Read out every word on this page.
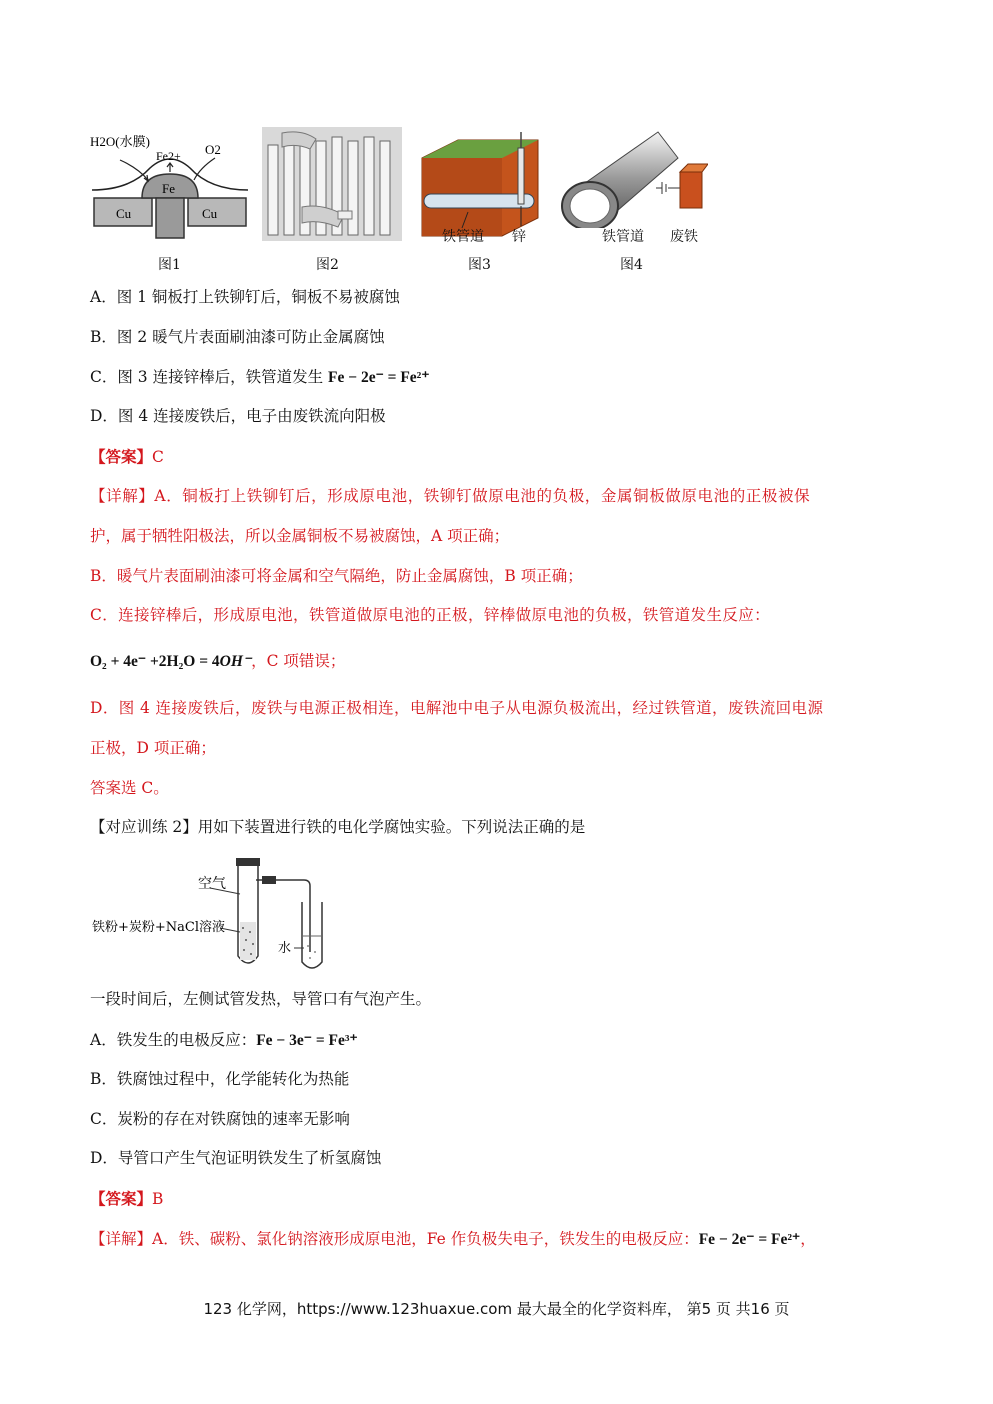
H2O(水膜)
O2
Fe2+
Fe
Cu	Cu
图1	图2
铁管道 锌
图3
铁管道 废铁
图4
A．图 1 铜板打上铁铆钉后，铜板不易被腐蚀
B．图 2 暖气片表面刷油漆可防止金属腐蚀
C．图 3 连接锌棒后，铁管道发生 Fe − 2e⁻ = Fe²⁺
D．图 4 连接废铁后，电子由废铁流向阳极
【答案】C
【详解】A．铜板打上铁铆钉后，形成原电池，铁铆钉做原电池的负极，金属铜板做原电池的正极被保
护，属于牺牲阳极法，所以金属铜板不易被腐蚀，A 项正确；
B．暖气片表面刷油漆可将金属和空气隔绝，防止金属腐蚀，B 项正确；
C．连接锌棒后，形成原电池，铁管道做原电池的正极，锌棒做原电池的负极，铁管道发生反应：
O₂ + 4e⁻ +2H₂O = 4OH⁻，C 项错误；
D．图 4 连接废铁后，废铁与电源正极相连，电解池中电子从电源负极流出，经过铁管道，废铁流回电源
正极，D 项正确；
答案选 C。
【对应训练 2】用如下装置进行铁的电化学腐蚀实验。下列说法正确的是
空气
铁粉+炭粉+NaCl溶液
水
一段时间后，左侧试管发热，导管口有气泡产生。
A．铁发生的电极反应：Fe − 3e⁻ = Fe³⁺
B．铁腐蚀过程中，化学能转化为热能
C．炭粉的存在对铁腐蚀的速率无影响
D．导管口产生气泡证明铁发生了析氢腐蚀
【答案】B
【详解】A．铁、碳粉、氯化钠溶液形成原电池，Fe 作负极失电子，铁发生的电极反应：Fe − 2e⁻ = Fe²⁺，
123 化学网，https://www.123huaxue.com 最大最全的化学资料库， 第5 页 共16 页
